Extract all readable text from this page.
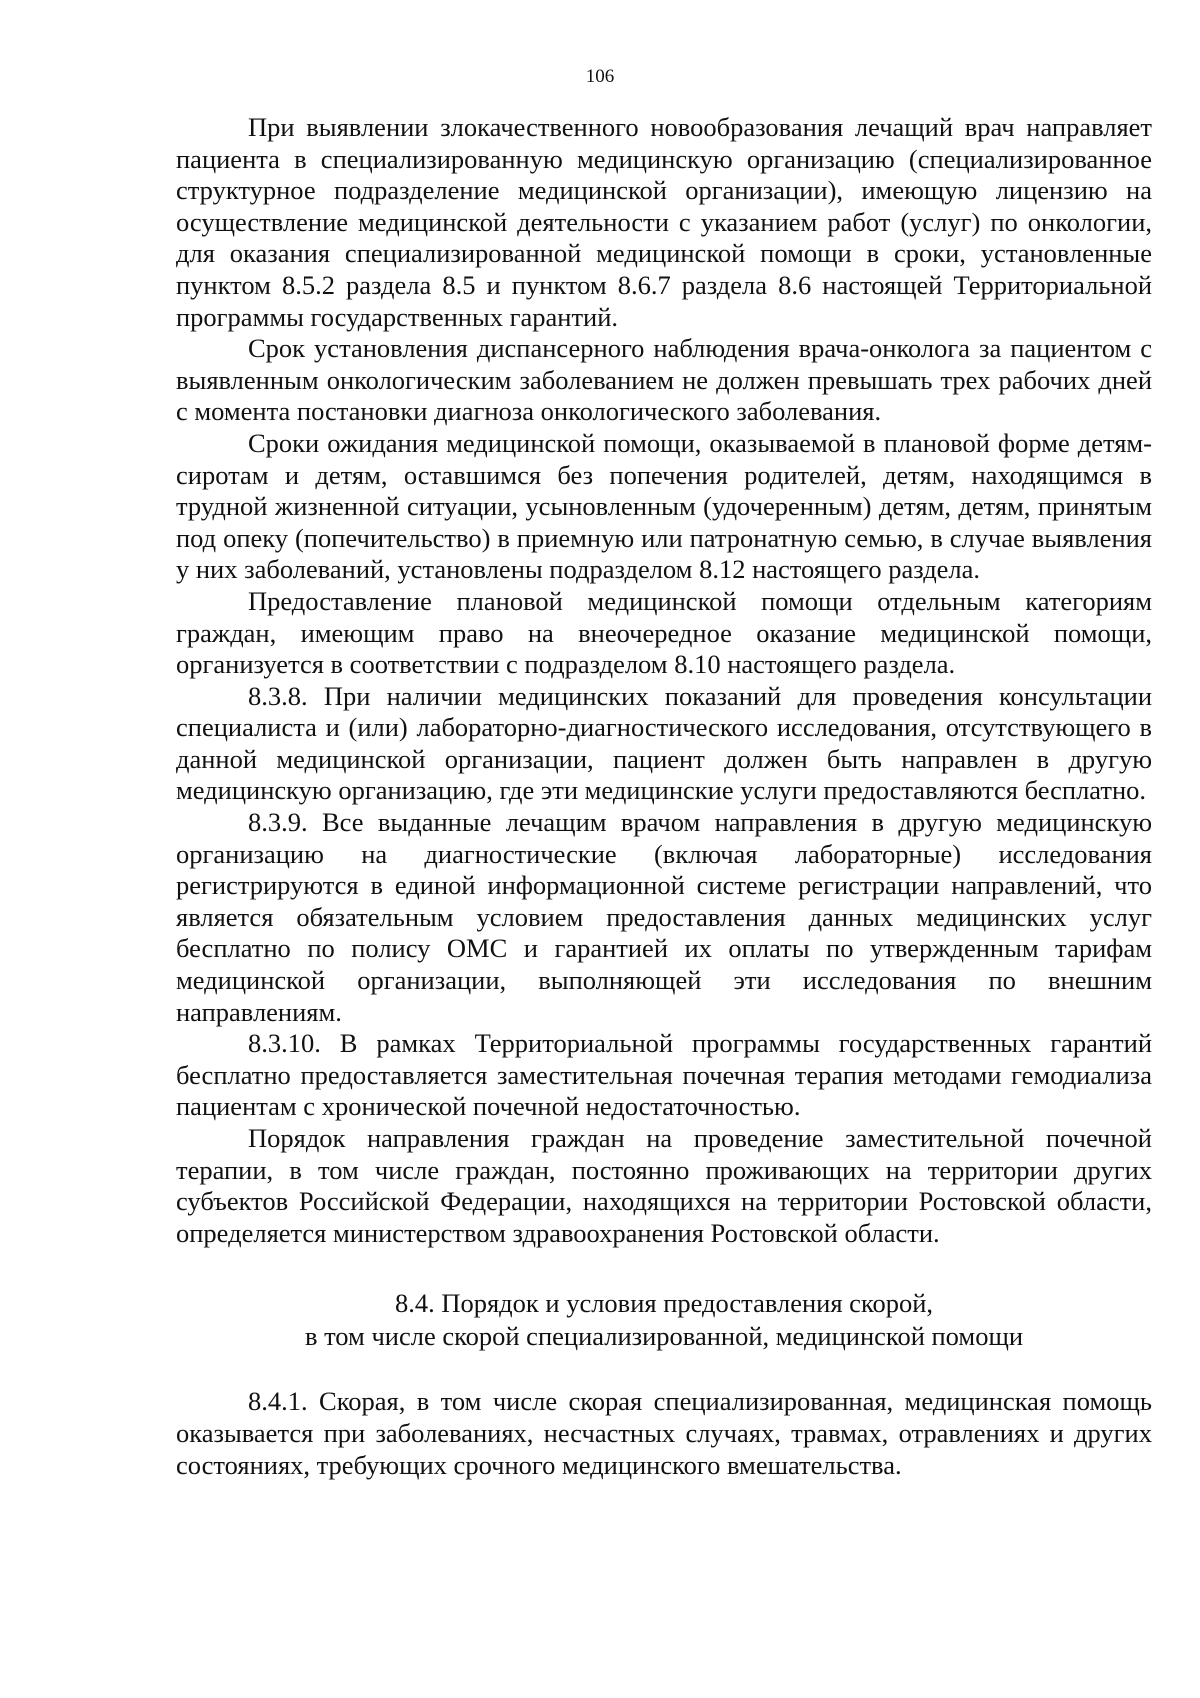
106

При выявлении злокачественного новообразования лечащий врач направляет пациента в специализированную медицинскую организацию (специализированное структурное подразделение медицинской организации), имеющую лицензию на осуществление медицинской деятельности с указанием работ (услуг) по онкологии, для оказания специализированной медицинской помощи в сроки, установленные пунктом 8.5.2 раздела 8.5 и пунктом 8.6.7 раздела 8.6 настоящей Территориальной программы государственных гарантий.

Срок установления диспансерного наблюдения врача-онколога за пациентом с выявленным онкологическим заболеванием не должен превышать трех рабочих дней с момента постановки диагноза онкологического заболевания.

Сроки ожидания медицинской помощи, оказываемой в плановой форме детям-сиротам и детям, оставшимся без попечения родителей, детям, находящимся в трудной жизненной ситуации, усыновленным (удочеренным) детям, детям, принятым под опеку (попечительство) в приемную или патронатную семью, в случае выявления у них заболеваний, установлены подразделом 8.12 настоящего раздела.

Предоставление плановой медицинской помощи отдельным категориям граждан, имеющим право на внеочередное оказание медицинской помощи, организуется в соответствии с подразделом 8.10 настоящего раздела.

8.3.8. При наличии медицинских показаний для проведения консультации специалиста и (или) лабораторно-диагностического исследования, отсутствующего в данной медицинской организации, пациент должен быть направлен в другую медицинскую организацию, где эти медицинские услуги предоставляются бесплатно.

8.3.9. Все выданные лечащим врачом направления в другую медицинскую организацию на диагностические (включая лабораторные) исследования регистрируются в единой информационной системе регистрации направлений, что является обязательным условием предоставления данных медицинских услуг бесплатно по полису ОМС и гарантией их оплаты по утвержденным тарифам медицинской организации, выполняющей эти исследования по внешним направлениям.

8.3.10. В рамках Территориальной программы государственных гарантий бесплатно предоставляется заместительная почечная терапия методами гемодиализа пациентам с хронической почечной недостаточностью.

Порядок направления граждан на проведение заместительной почечной терапии, в том числе граждан, постоянно проживающих на территории других субъектов Российской Федерации, находящихся на территории Ростовской области, определяется министерством здравоохранения Ростовской области.

8.4. Порядок и условия предоставления скорой,

в том числе скорой специализированной, медицинской помощи

8.4.1. Скорая, в том числе скорая специализированная, медицинская помощь оказывается при заболеваниях, несчастных случаях, травмах, отравлениях и других состояниях, требующих срочного медицинского вмешательства.
